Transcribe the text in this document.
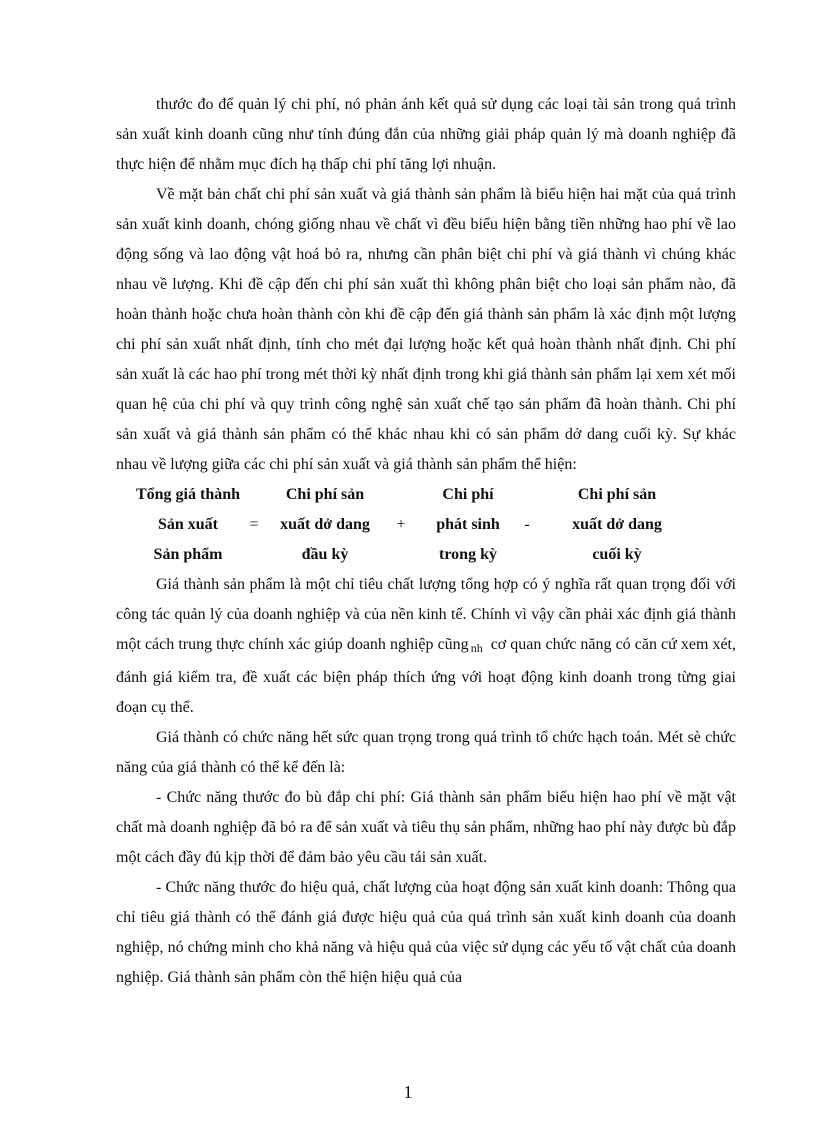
thước đo để quản lý chi phí, nó phản ánh kết quả sử dụng các loại tài sản trong quá trình sản xuất kinh doanh cũng như tính đúng đắn của những giải pháp quản lý mà doanh nghiệp đã thực hiện để nhằm mục đích hạ thấp chi phí tăng lợi nhuận.

Về mặt bản chất chi phí sản xuất và giá thành sản phẩm là biểu hiện hai mặt của quá trình sản xuất kinh doanh, chóng giống nhau về chất vì đều biểu hiện bằng tiền những hao phí về lao động sống và lao động vật hoá bỏ ra, nhưng cần phân biệt chi phí và giá thành vì chúng khác nhau về lượng. Khi đề cập đến chi phí sản xuất thì không phân biệt cho loại sản phẩm nào, đã hoàn thành hoặc chưa hoàn thành còn khi đề cập đến giá thành sản phẩm là xác định một lượng chi phí sản xuất nhất định, tính cho mét đại lượng hoặc kết quả hoàn thành nhất định. Chi phí sản xuất là các hao phí trong mét thời kỳ nhất định trong khi giá thành sản phẩm lại xem xét mối quan hệ của chi phí và quy trình công nghệ sản xuất chế tạo sản phẩm đã hoàn thành. Chi phí sản xuất và giá thành sản phẩm có thể khác nhau khi có sản phẩm dở dang cuối kỳ. Sự khác nhau về lượng giữa các chi phí sản xuất và giá thành sản phẩm thể hiện:

Tổng giá thành
Sản xuất
Sản phẩm
=
Chi phí sản
xuất dở dang
đầu kỳ
+
Chi phí
phát sinh
trong kỳ
-
Chi phí sản
xuất dở dang
cuối kỳ

Giá thành sản phẩm là một chỉ tiêu chất lượng tổng hợp có ý nghĩa rất quan trọng đối với công tác quản lý của doanh nghiệp và của nền kinh tế. Chính vì vậy cần phải xác định giá thành một cách trung thực chính xác giúp doanh nghiệp cũng $_{nh}$ cơ quan chức năng có căn cứ xem xét, đánh giá kiểm tra, đề xuất các biện pháp thích ứng với hoạt động kinh doanh trong từng giai đoạn cụ thể.

Giá thành có chức năng hết sức quan trọng trong quá trình tổ chức hạch toán. Mét sè chức năng của giá thành có thể kể đến là:

- Chức năng thước đo bù đắp chi phí: Giá thành sản phẩm biểu hiện hao phí về mặt vật chất mà doanh nghiệp đã bỏ ra để sản xuất và tiêu thụ sản phẩm, những hao phí này được bù đắp một cách đầy đủ kịp thời để đảm bảo yêu cầu tái sản xuất.

- Chức năng thước đo hiệu quả, chất lượng của hoạt động sản xuất kinh doanh: Thông qua chỉ tiêu giá thành có thể đánh giá được hiệu quả của quá trình sản xuất kinh doanh của doanh nghiệp, nó chứng minh cho khả năng và hiệu quả của việc sử dụng các yếu tố vật chất của doanh nghiệp. Giá thành sản phẩm còn thể hiện hiệu quả của

1
